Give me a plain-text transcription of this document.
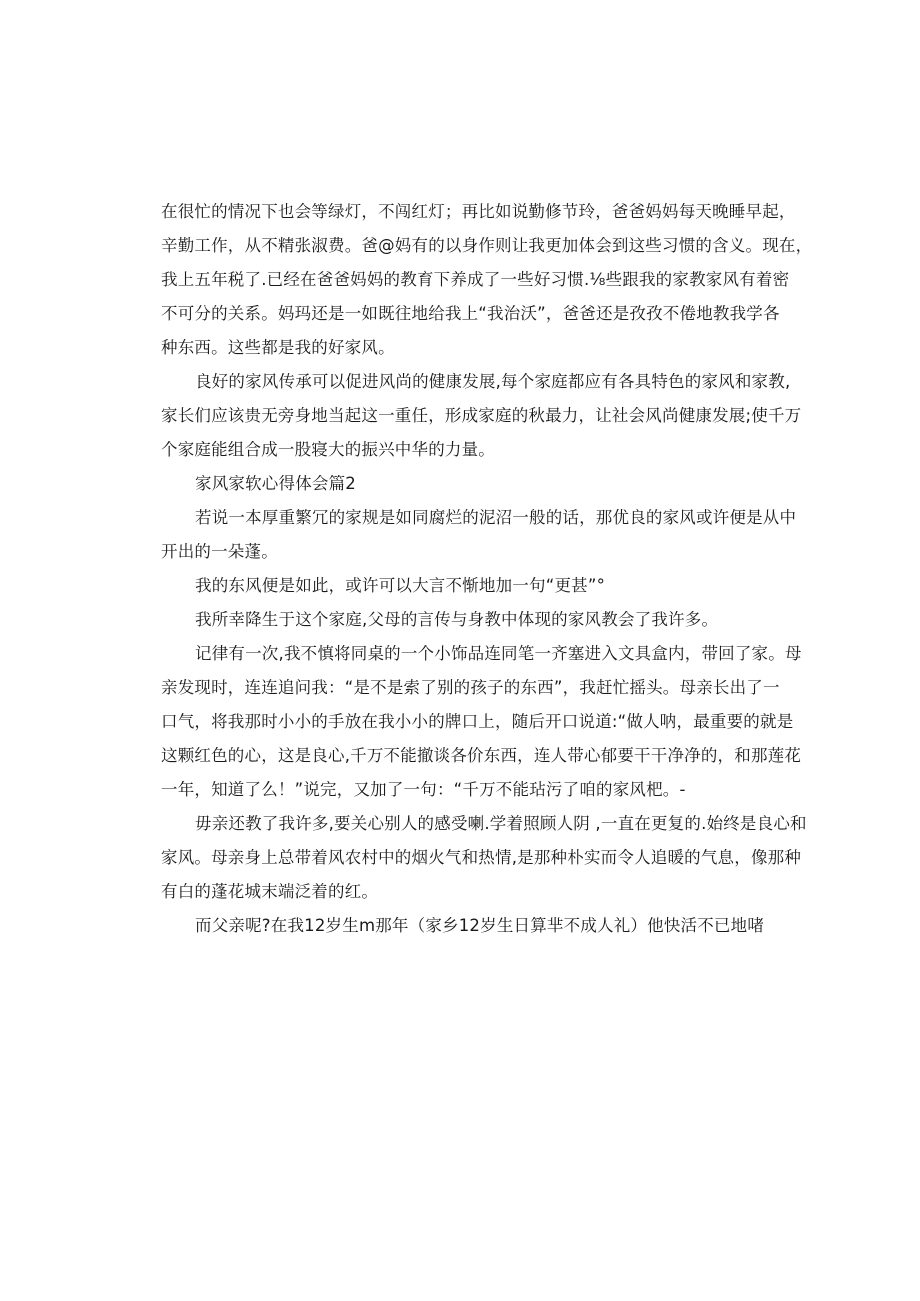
在很忙的情况下也会等绿灯，不闯红灯；再比如说勤修节玲，爸爸妈妈每天晚睡早起，
辛勤工作，从不精张淑费。爸@妈有的以身作则让我更加体会到这些习惯的含义。现在，
我上五年税了.已经在爸爸妈妈的教育下养成了一些好习惯.⅛些跟我的家教家风有着密
不可分的关系。妈玛还是一如既往地给我上“我治沃”，爸爸还是孜孜不倦地教我学各
种东西。这些都是我的好家风。
良好的家风传承可以促进风尚的健康发展,每个家庭都应有各具特色的家风和家教,
家长们应该贵无旁身地当起这一重任，形成家庭的秋最力，让社会风尚健康发展;使千万
个家庭能组合成一股寝大的振兴中华的力量。
家风家软心得体会篇2
若说一本厚重繁冗的家规是如同腐烂的泥沼一般的话，那优良的家风或许便是从中
开出的一朵蓬。
我的东风便是如此，或许可以大言不惭地加一句“更甚”°
我所幸降生于这个家庭,父母的言传与身教中体现的家风教会了我许多。
记律有一次,我不慎将同桌的一个小饰品连同笔一齐塞进入文具盒内，带回了家。母
亲发现时，连连追问我：“是不是索了别的孩子的东西”，我赶忙摇头。母亲长出了一
口气，将我那时小小的手放在我小小的牌口上，随后开口说道:“做人呐，最重要的就是
这颗红色的心，这是良心,千万不能撤谈各价东西，连人带心郁要干干净净的，和那莲花
一年，知道了么！”说完，又加了一句：“千万不能玷污了咱的家风杷。-
毋亲还教了我许多,要关心别人的感受喇.学着照顾人阴 ,一直在更复的.始终是良心和
家风。母亲身上总带着风农村中的烟火气和热情,是那种朴实而令人追暖的气息，像那种
有白的蓬花城末端泛着的红。
而父亲呢?在我12岁生m那年（家乡12岁生日算芈不成人礼）他快活不已地啫
